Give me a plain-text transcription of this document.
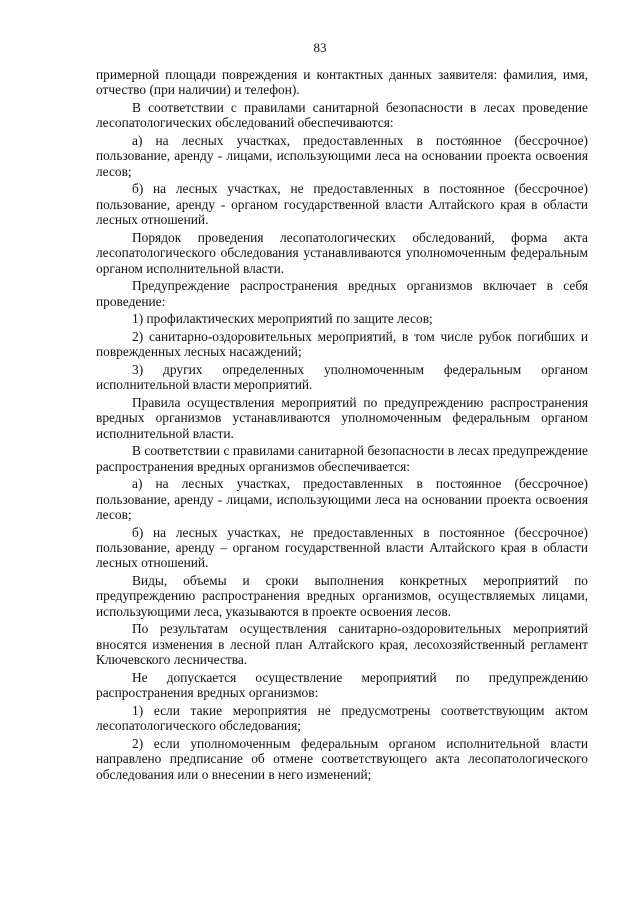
83

примерной площади повреждения и контактных данных заявителя: фамилия, имя, отчество (при наличии) и телефон).

В соответствии с правилами санитарной безопасности в лесах проведение лесопатологических обследований обеспечиваются:

а) на лесных участках, предоставленных в постоянное (бессрочное) пользование, аренду - лицами, использующими леса на основании проекта освоения лесов;

б) на лесных участках, не предоставленных в постоянное (бессрочное) пользование, аренду - органом государственной власти Алтайского края в области лесных отношений.

Порядок проведения лесопатологических обследований, форма акта лесопатологического обследования устанавливаются уполномоченным федеральным органом исполнительной власти.

Предупреждение распространения вредных организмов включает в себя проведение:

1) профилактических мероприятий по защите лесов;

2) санитарно-оздоровительных мероприятий, в том числе рубок погибших и поврежденных лесных насаждений;

3) других определенных уполномоченным федеральным органом исполнительной власти мероприятий.

Правила осуществления мероприятий по предупреждению распространения вредных организмов устанавливаются уполномоченным федеральным органом исполнительной власти.

В соответствии с правилами санитарной безопасности в лесах предупреждение распространения вредных организмов обеспечивается:

а) на лесных участках, предоставленных в постоянное (бессрочное) пользование, аренду - лицами, использующими леса на основании проекта освоения лесов;

б) на лесных участках, не предоставленных в постоянное (бессрочное) пользование, аренду – органом государственной власти Алтайского края в области лесных отношений.

Виды, объемы и сроки выполнения конкретных мероприятий по предупреждению распространения вредных организмов, осуществляемых лицами, использующими леса, указываются в проекте освоения лесов.

По результатам осуществления санитарно-оздоровительных мероприятий вносятся изменения в лесной план Алтайского края, лесохозяйственный регламент Ключевского лесничества.

Не допускается осуществление мероприятий по предупреждению распространения вредных организмов:

1) если такие мероприятия не предусмотрены соответствующим актом лесопатологического обследования;

2) если уполномоченным федеральным органом исполнительной власти направлено предписание об отмене соответствующего акта лесопатологического обследования или о внесении в него изменений;
